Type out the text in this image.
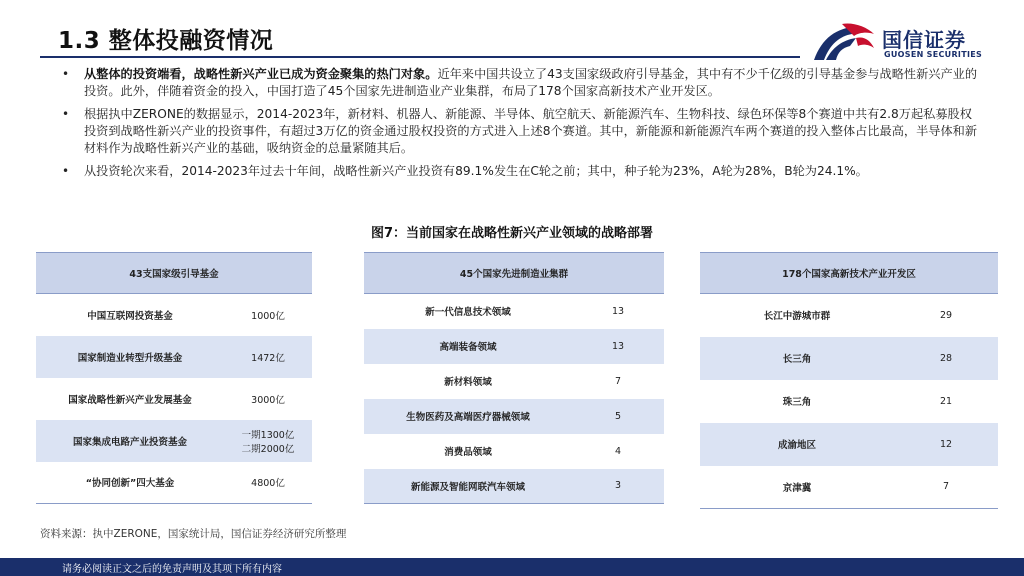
1.3 整体投融资情况	国信证券
GUOSEN SECURITIES
• 从整体的投资端看，战略性新兴产业已成为资金聚集的热门对象。近年来中国共设立了43支国家级政府引导基金，其中有不少千亿级的引导基金参与战略性新兴产业的投资。此外，伴随着资金的投入，中国打造了45个国家先进制造业产业集群，布局了178个国家高新技术产业开发区。
• 根据执中ZERONE的数据显示，2014-2023年，新材料、机器人、新能源、半导体、航空航天、新能源汽车、生物科技、绿色环保等8个赛道中共有2.8万起私募股权投资到战略性新兴产业的投资事件，有超过3万亿的资金通过股权投资的方式进入上述8个赛道。其中，新能源和新能源汽车两个赛道的投入整体占比最高，半导体和新材料作为战略性新兴产业的基础，吸纳资金的总量紧随其后。
• 从投资轮次来看，2014-2023年过去十年间，战略性新兴产业投资有89.1%发生在C轮之前；其中，种子轮为23%，A轮为28%，B轮为24.1%。
图7：当前国家在战略性新兴产业领域的战略部署
43支国家级引导基金	
中国互联网投资基金	1000亿
国家制造业转型升级基金	1472亿
国家战略性新兴产业发展基金	3000亿
国家集成电路产业投资基金	一期1300亿
二期2000亿

“协同创新”四大基金	4800亿
45个国家先进制造业集群	
新一代信息技术领域	13
高端装备领域	13
新材料领域	7
生物医药及高端医疗器械领域	5
消费品领域	4
新能源及智能网联汽车领域	3
178个国家高新技术产业开发区	
长江中游城市群	29
长三角	28
珠三角	21
成渝地区	12
京津冀	7
资料来源：执中ZERONE，国家统计局，国信证券经济研究所整理
请务必阅读正文之后的免责声明及其项下所有内容
